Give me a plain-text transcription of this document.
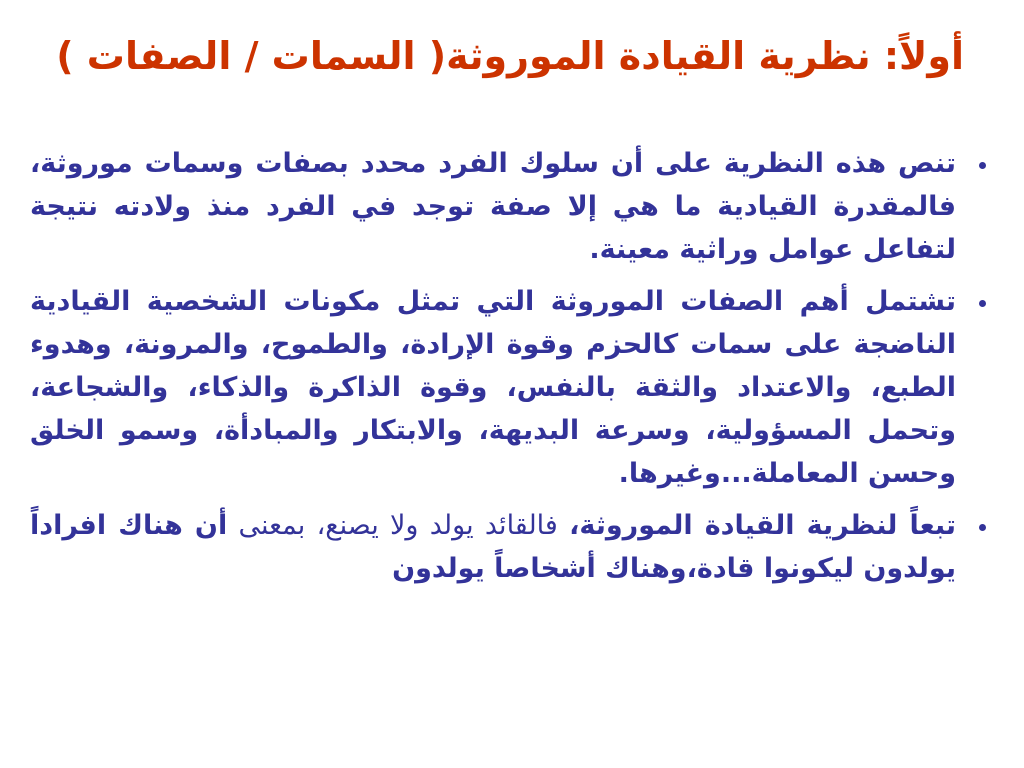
أولاً: نظرية القيادة الموروثة( السمات / الصفات )
تنص هذه النظرية على أن سلوك الفرد محدد بصفات وسمات موروثة، فالمقدرة القيادية ما هي إلا صفة توجد في الفرد منذ ولادته نتيجة لتفاعل عوامل وراثية معينة.
تشتمل أهم الصفات الموروثة التي تمثل مكونات الشخصية القيادية الناضجة على سمات كالحزم وقوة الإرادة، والطموح، والمرونة، وهدوء الطبع، والاعتداد والثقة بالنفس، وقوة الذاكرة والذكاء، والشجاعة، وتحمل المسؤولية، وسرعة البديهة، والابتكار والمبادأة، وسمو الخلق وحسن المعاملة...وغيرها.
تبعاً لنظرية القيادة الموروثة، فالقائد يولد ولا يصنع، بمعنى أن هناك افراداً يولدون ليكونوا قادة،وهناك أشخاصاً يولدون
